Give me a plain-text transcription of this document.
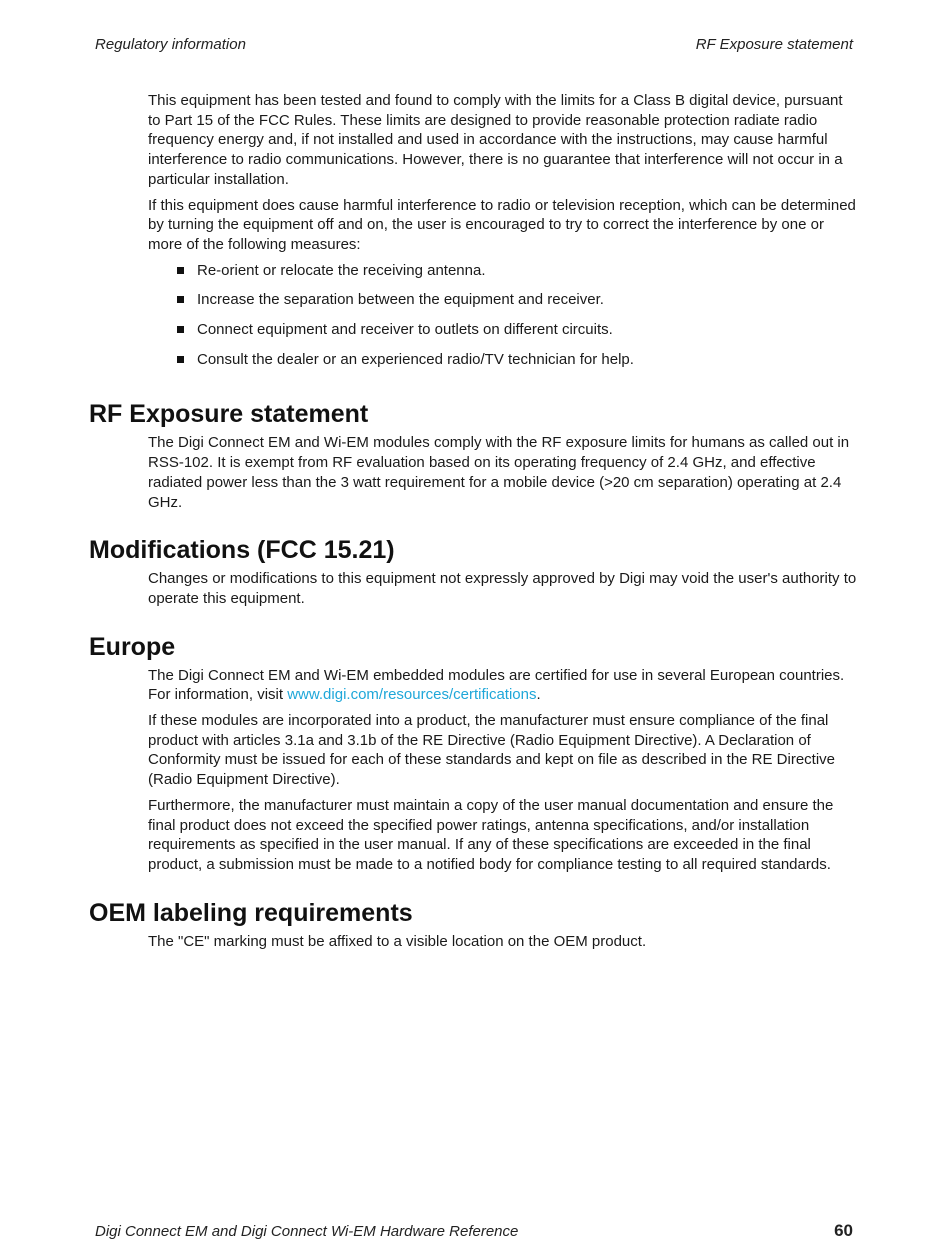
Regulatory information	RF Exposure statement

This equipment has been tested and found to comply with the limits for a Class B digital device, pursuant to Part 15 of the FCC Rules. These limits are designed to provide reasonable protection radiate radio frequency energy and, if not installed and used in accordance with the instructions, may cause harmful interference to radio communications. However, there is no guarantee that interference will not occur in a particular installation.

If this equipment does cause harmful interference to radio or television reception, which can be determined by turning the equipment off and on, the user is encouraged to try to correct the interference by one or more of the following measures:

Re-orient or relocate the receiving antenna.
Increase the separation between the equipment and receiver.
Connect equipment and receiver to outlets on different circuits.
Consult the dealer or an experienced radio/TV technician for help.
RF Exposure statement

The Digi Connect EM and Wi-EM modules comply with the RF exposure limits for humans as called out in RSS-102. It is exempt from RF evaluation based on its operating frequency of 2.4 GHz, and effective radiated power less than the 3 watt requirement for a mobile device (>20 cm separation) operating at 2.4 GHz.

Modifications (FCC 15.21)

Changes or modifications to this equipment not expressly approved by Digi may void the user's authority to operate this equipment.

Europe

The Digi Connect EM and Wi-EM embedded modules are certified for use in several European countries. For information, visit www.digi.com/resources/certifications.

If these modules are incorporated into a product, the manufacturer must ensure compliance of the final product with articles 3.1a and 3.1b of the RE Directive (Radio Equipment Directive). A Declaration of Conformity must be issued for each of these standards and kept on file as described in the RE Directive (Radio Equipment Directive).

Furthermore, the manufacturer must maintain a copy of the user manual documentation and ensure the final product does not exceed the specified power ratings, antenna specifications, and/or installation requirements as specified in the user manual. If any of these specifications are exceeded in the final product, a submission must be made to a notified body for compliance testing to all required standards.

OEM labeling requirements

The "CE" marking must be affixed to a visible location on the OEM product.

Digi Connect EM and Digi Connect Wi-EM Hardware Reference	60
